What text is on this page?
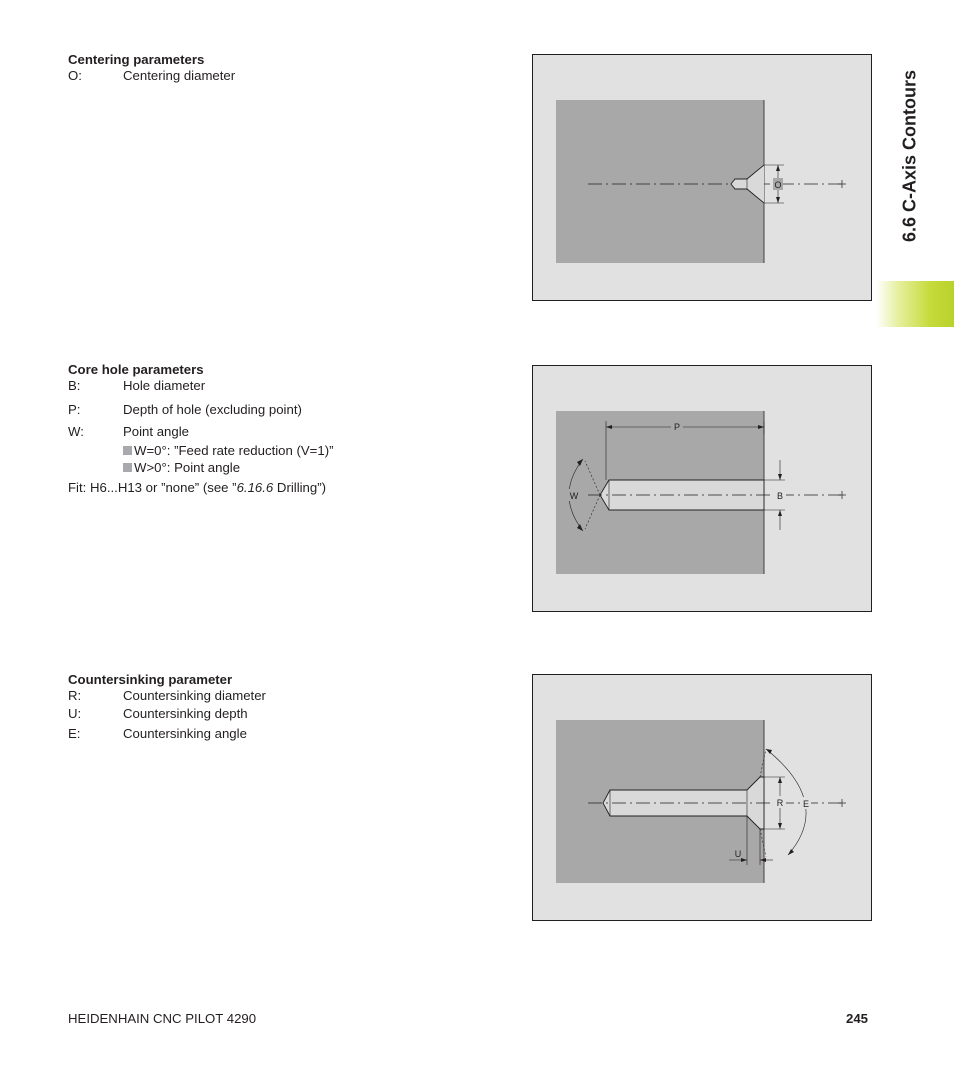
6.6 C-Axis Contours
Centering parameters
O:	Centering diameter
O
Core hole parameters
B:	Hole diameter
P:	Depth of hole (excluding point)
W:	Point angle
W=0°: ”Feed rate reduction (V=1)”
W>0°: Point angle
Fit: H6...H13 or ”none” (see ”6.16.6 Drilling”)
P
W	B
Countersinking parameter
R:	Countersinking diameter
U:	Countersinking depth
E:	Countersinking angle
R E
U
HEIDENHAIN CNC PILOT 4290	245
